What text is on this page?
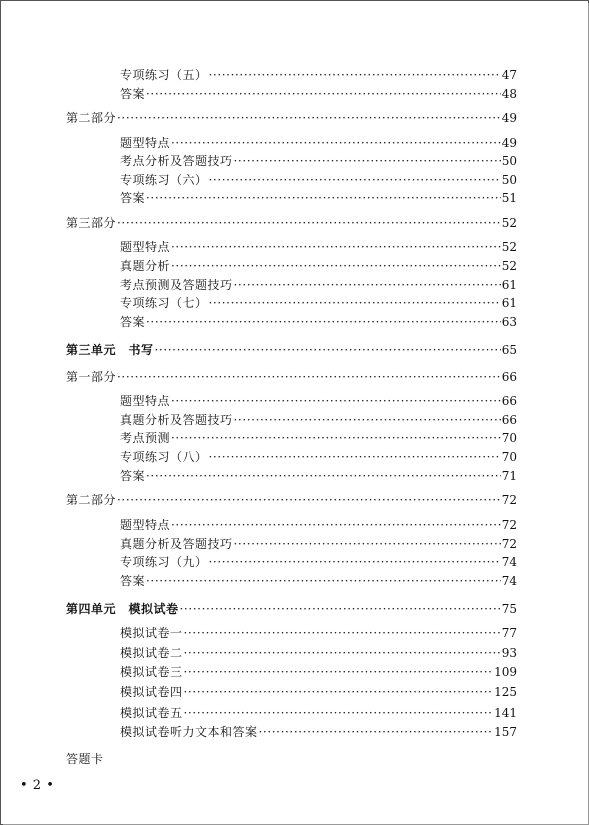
专项练习（五） ·····	47
答案 ·····	48
第二部分 ·····	49
题型特点 ·····	49
考点分析及答题技巧 ·····	50
专项练习（六） ·····	50
答案 ·····	51
第三部分 ·····	52
题型特点 ·····	52
真题分析 ·····	52
考点预测及答题技巧 ·····	61
专项练习（七） ·····	61
答案 ·····	63
第三单元　书写 ·····	65
第一部分 ·····	66
题型特点 ·····	66
真题分析及答题技巧 ·····	66
考点预测 ·····	70
专项练习（八） ·····	70
答案 ·····	71
第二部分 ·····	72
题型特点 ·····	72
真题分析及答题技巧 ·····	72
专项练习（九） ·····	74
答案 ·····	74
第四单元　模拟试卷 ·····	75
模拟试卷一 ·····	77
模拟试卷二 ·····	93
模拟试卷三 ·····	109
模拟试卷四 ·····	125
模拟试卷五 ·····	141
模拟试卷听力文本和答案 ·····	157
答题卡
• 2 •
